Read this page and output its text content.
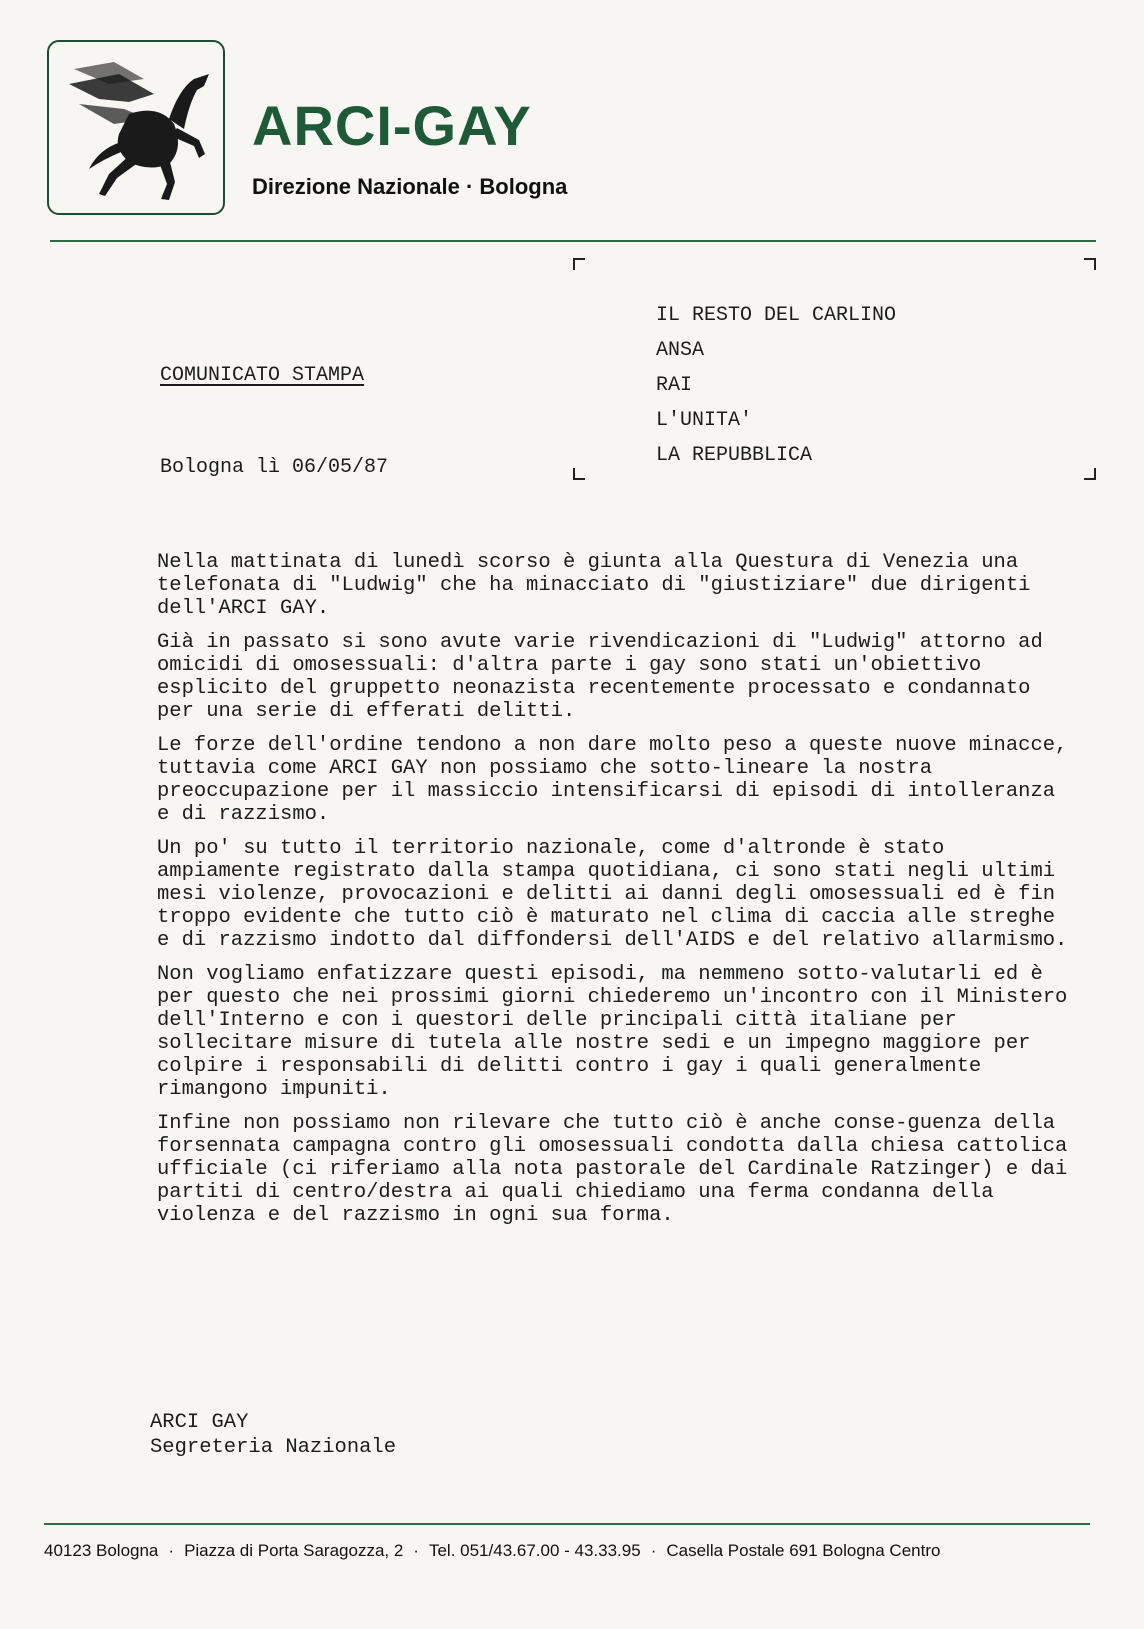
ARCI-GAY

Direzione Nazionale · Bologna

IL RESTO DEL CARLINO
ANSA
RAI
L'UNITA'
LA REPUBBLICA
COMUNICATO STAMPA

Bologna lì 06/05/87

Nella mattinata di lunedì scorso è giunta alla Questura di Venezia una telefonata di "Ludwig" che ha minacciato di "giustiziare" due dirigenti dell'ARCI GAY.

Già in passato si sono avute varie rivendicazioni di "Ludwig" attorno ad omicidi di omosessuali: d'altra parte i gay sono stati un'obiettivo esplicito del gruppetto neonazista recentemente processato e condannato per una serie di efferati delitti.

Le forze dell'ordine tendono a non dare molto peso a queste nuove minacce, tuttavia come ARCI GAY non possiamo che sotto-lineare la nostra preoccupazione per il massiccio intensificarsi di episodi di intolleranza e di razzismo.

Un po' su tutto il territorio nazionale, come d'altronde è stato ampiamente registrato dalla stampa quotidiana, ci sono stati negli ultimi mesi violenze, provocazioni e delitti ai danni degli omosessuali ed è fin troppo evidente che tutto ciò è maturato nel clima di caccia alle streghe e di razzismo indotto dal diffondersi dell'AIDS e del relativo allarmismo.

Non vogliamo enfatizzare questi episodi, ma nemmeno sotto-valutarli ed è per questo che nei prossimi giorni chiederemo un'incontro con il Ministero dell'Interno e con i questori delle principali città italiane per sollecitare misure di tutela alle nostre sedi e un impegno maggiore per colpire i responsabili di delitti contro i gay i quali generalmente rimangono impuniti.

Infine non possiamo non rilevare che tutto ciò è anche conse-guenza della forsennata campagna contro gli omosessuali condotta dalla chiesa cattolica ufficiale (ci riferiamo alla nota pastorale del Cardinale Ratzinger) e dai partiti di centro/destra ai quali chiediamo una ferma condanna della violenza e del razzismo in ogni sua forma.

ARCI GAY
Segreteria Nazionale
40123 Bologna · Piazza di Porta Saragozza, 2 · Tel. 051/43.67.00 - 43.33.95 · Casella Postale 691 Bologna Centro
